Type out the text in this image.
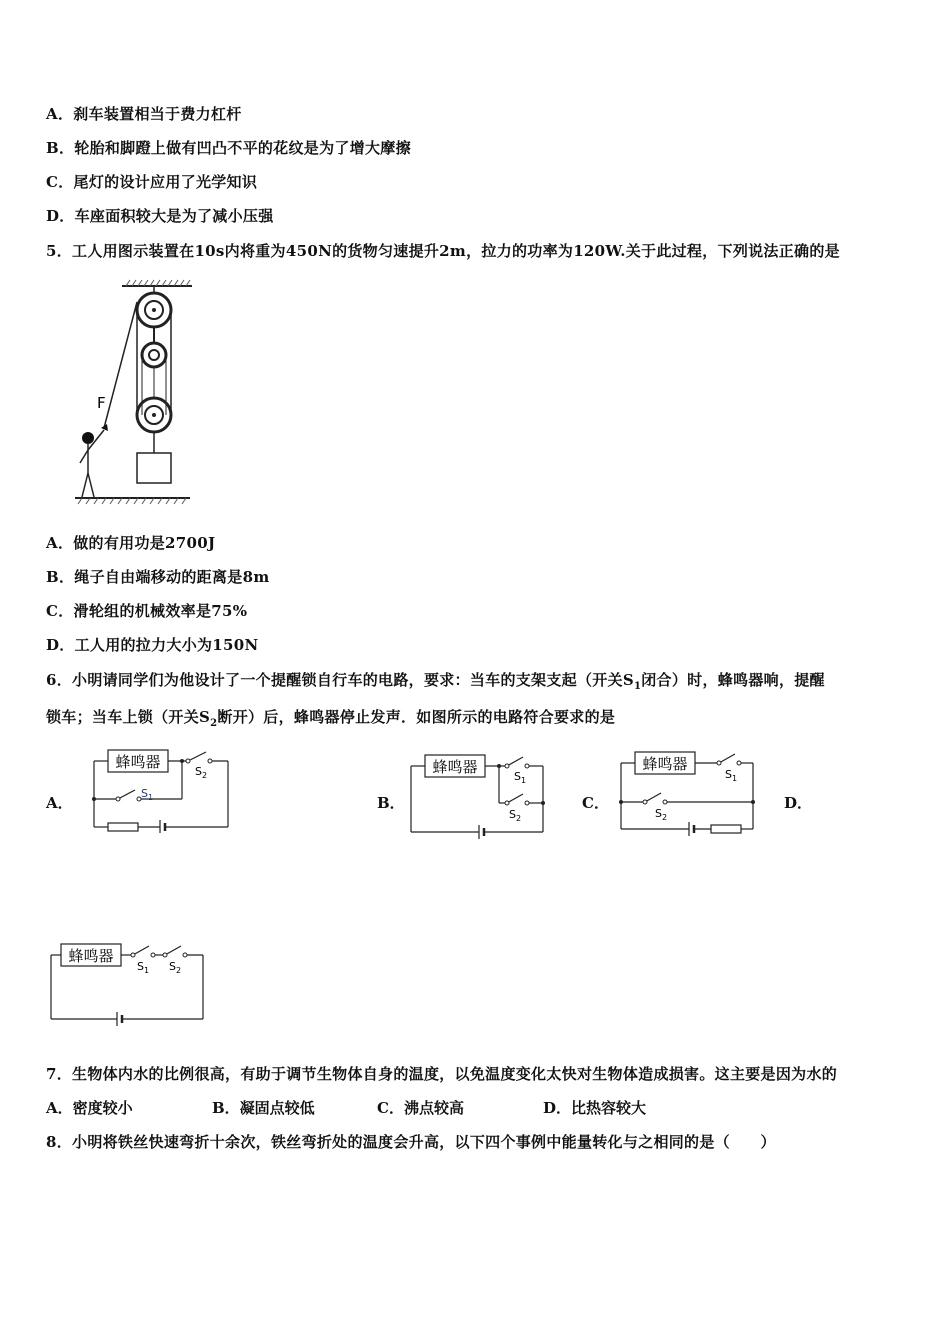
A．刹车装置相当于费力杠杆
B．轮胎和脚蹬上做有凹凸不平的花纹是为了增大摩擦
C．尾灯的设计应用了光学知识
D．车座面积较大是为了减小压强
5．工人用图示装置在10s内将重为450N的货物匀速提升2m，拉力的功率为120W.关于此过程，下列说法正确的是
F
A．做的有用功是2700J
B．绳子自由端移动的距离是8m
C．滑轮组的机械效率是75%
D．工人用的拉力大小为150N
6．小明请同学们为他设计了一个提醒锁自行车的电路，要求：当车的支架支起（开关$S_1$闭合）时，蜂鸣器响，提醒
锁车；当车上锁（开关$S_2$断开）后，蜂鸣器停止发声．如图所示的电路符合要求的是
A．	B．	C．	D．
蜂鸣器
$S_2$
$S_1$
蜂鸣器
$S_1$
$S_2$
蜂鸣器
$S_1$
$S_2$
蜂鸣器
$S_1$ $S_2$
7．生物体内水的比例很高，有助于调节生物体自身的温度，以免温度变化太快对生物体造成损害。这主要是因为水的
A．密度较小	B．凝固点较低	C．沸点较高	D．比热容较大
8．小明将铁丝快速弯折十余次，铁丝弯折处的温度会升高，以下四个事例中能量转化与之相同的是（　　）
